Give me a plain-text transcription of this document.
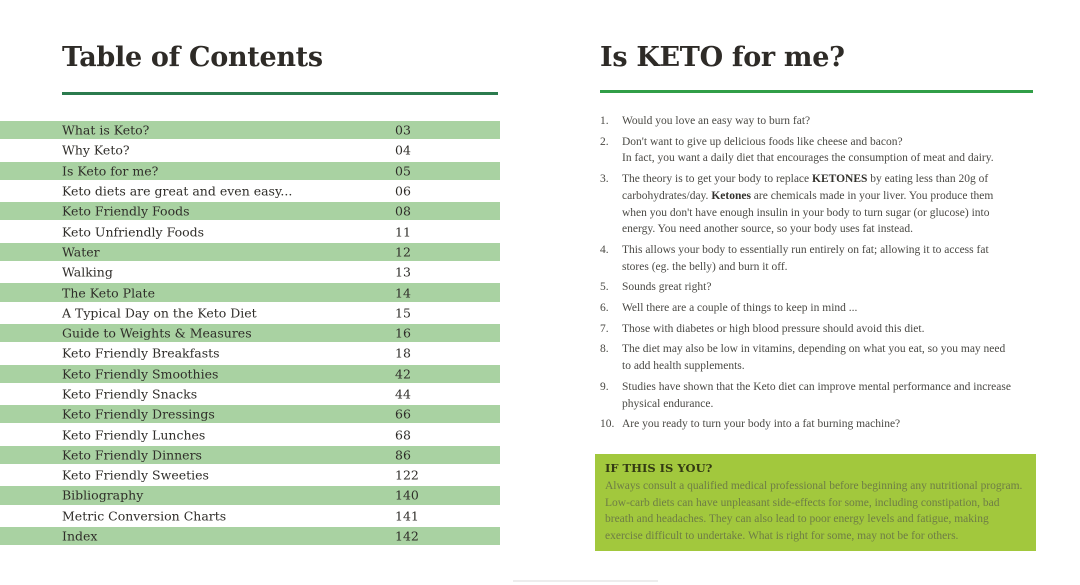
Table of Contents
What is Keto?	03
Why Keto?	04
Is Keto for me?	05
Keto diets are great and even easy...	06
Keto Friendly Foods	08
Keto Unfriendly Foods	11
Water	12
Walking	13
The Keto Plate	14
A Typical Day on the Keto Diet	15
Guide to Weights & Measures	16
Keto Friendly Breakfasts	18
Keto Friendly Smoothies	42
Keto Friendly Snacks	44
Keto Friendly Dressings	66
Keto Friendly Lunches	68
Keto Friendly Dinners	86
Keto Friendly Sweeties	122
Bibliography	140
Metric Conversion Charts	141
Index	142
Is KETO for me?
1.	Would you love an easy way to burn fat?
2.	Don't want to give up delicious foods like cheese and bacon?
In fact, you want a daily diet that encourages the consumption of meat and dairy.
3.	The theory is to get your body to replace KETONES by eating less than 20g of carbohydrates/day. Ketones are chemicals made in your liver. You produce them when you don't have enough insulin in your body to turn sugar (or glucose) into energy. You need another source, so your body uses fat instead.
4.	This allows your body to essentially run entirely on fat; allowing it to access fat stores (eg. the belly) and burn it off.
5.	Sounds great right?
6.	Well there are a couple of things to keep in mind ...
7.	Those with diabetes or high blood pressure should avoid this diet.
8.	The diet may also be low in vitamins, depending on what you eat, so you may need to add health supplements.
9.	Studies have shown that the Keto diet can improve mental performance and increase physical endurance.
10. Are you ready to turn your body into a fat burning machine?
IF THIS IS YOU?
Always consult a qualified medical professional before beginning any nutritional program. Low-carb diets can have unpleasant side-effects for some, including constipation, bad breath and headaches. They can also lead to poor energy levels and fatigue, making exercise difficult to undertake. What is right for some, may not be for others.
